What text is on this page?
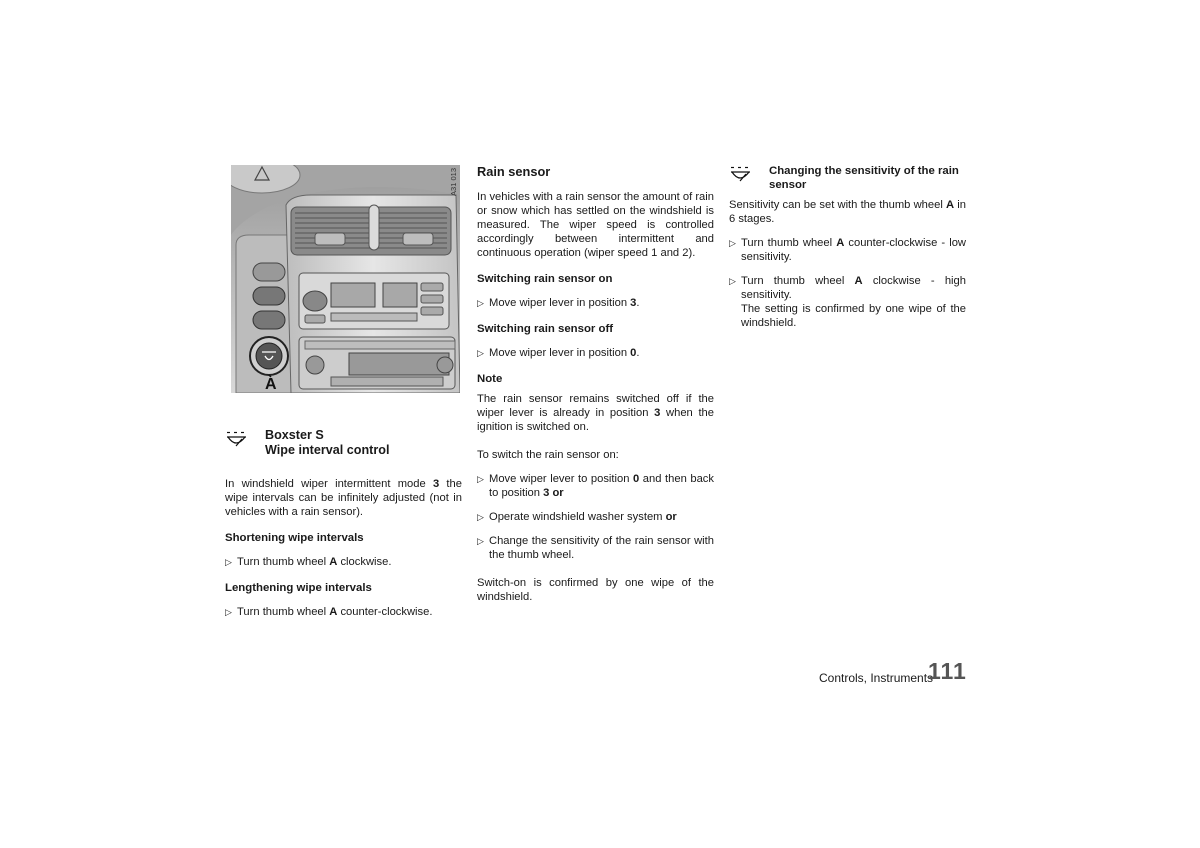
A
A31 013
Boxster S
Wipe interval control

In windshield wiper intermittent mode 3 the wipe intervals can be infinitely adjusted (not in vehicles with a rain sensor).

Shortening wipe intervals

▷ Turn thumb wheel A clockwise.

Lengthening wipe intervals

▷ Turn thumb wheel A counter-clockwise.

Rain sensor

In vehicles with a rain sensor the amount of rain or snow which has settled on the windshield is measured. The wiper speed is controlled accordingly between intermittent and continuous operation (wiper speed 1 and 2).

Switching rain sensor on

▷ Move wiper lever in position 3.

Switching rain sensor off

▷ Move wiper lever in position 0.

Note

The rain sensor remains switched off if the wiper lever is already in position 3 when the ignition is switched on.

To switch the rain sensor on:

▷ Move wiper lever to position 0 and then back to position 3 or

▷ Operate windshield washer system or

▷ Change the sensitivity of the rain sensor with the thumb wheel.

Switch-on is confirmed by one wipe of the windshield.

Changing the sensitivity of the rain sensor

Sensitivity can be set with the thumb wheel A in 6 stages.

▷ Turn thumb wheel A counter-clockwise - low sensitivity.

▷ Turn thumb wheel A clockwise - high sensitivity.
The setting is confirmed by one wipe of the windshield.

Controls, Instruments
111
